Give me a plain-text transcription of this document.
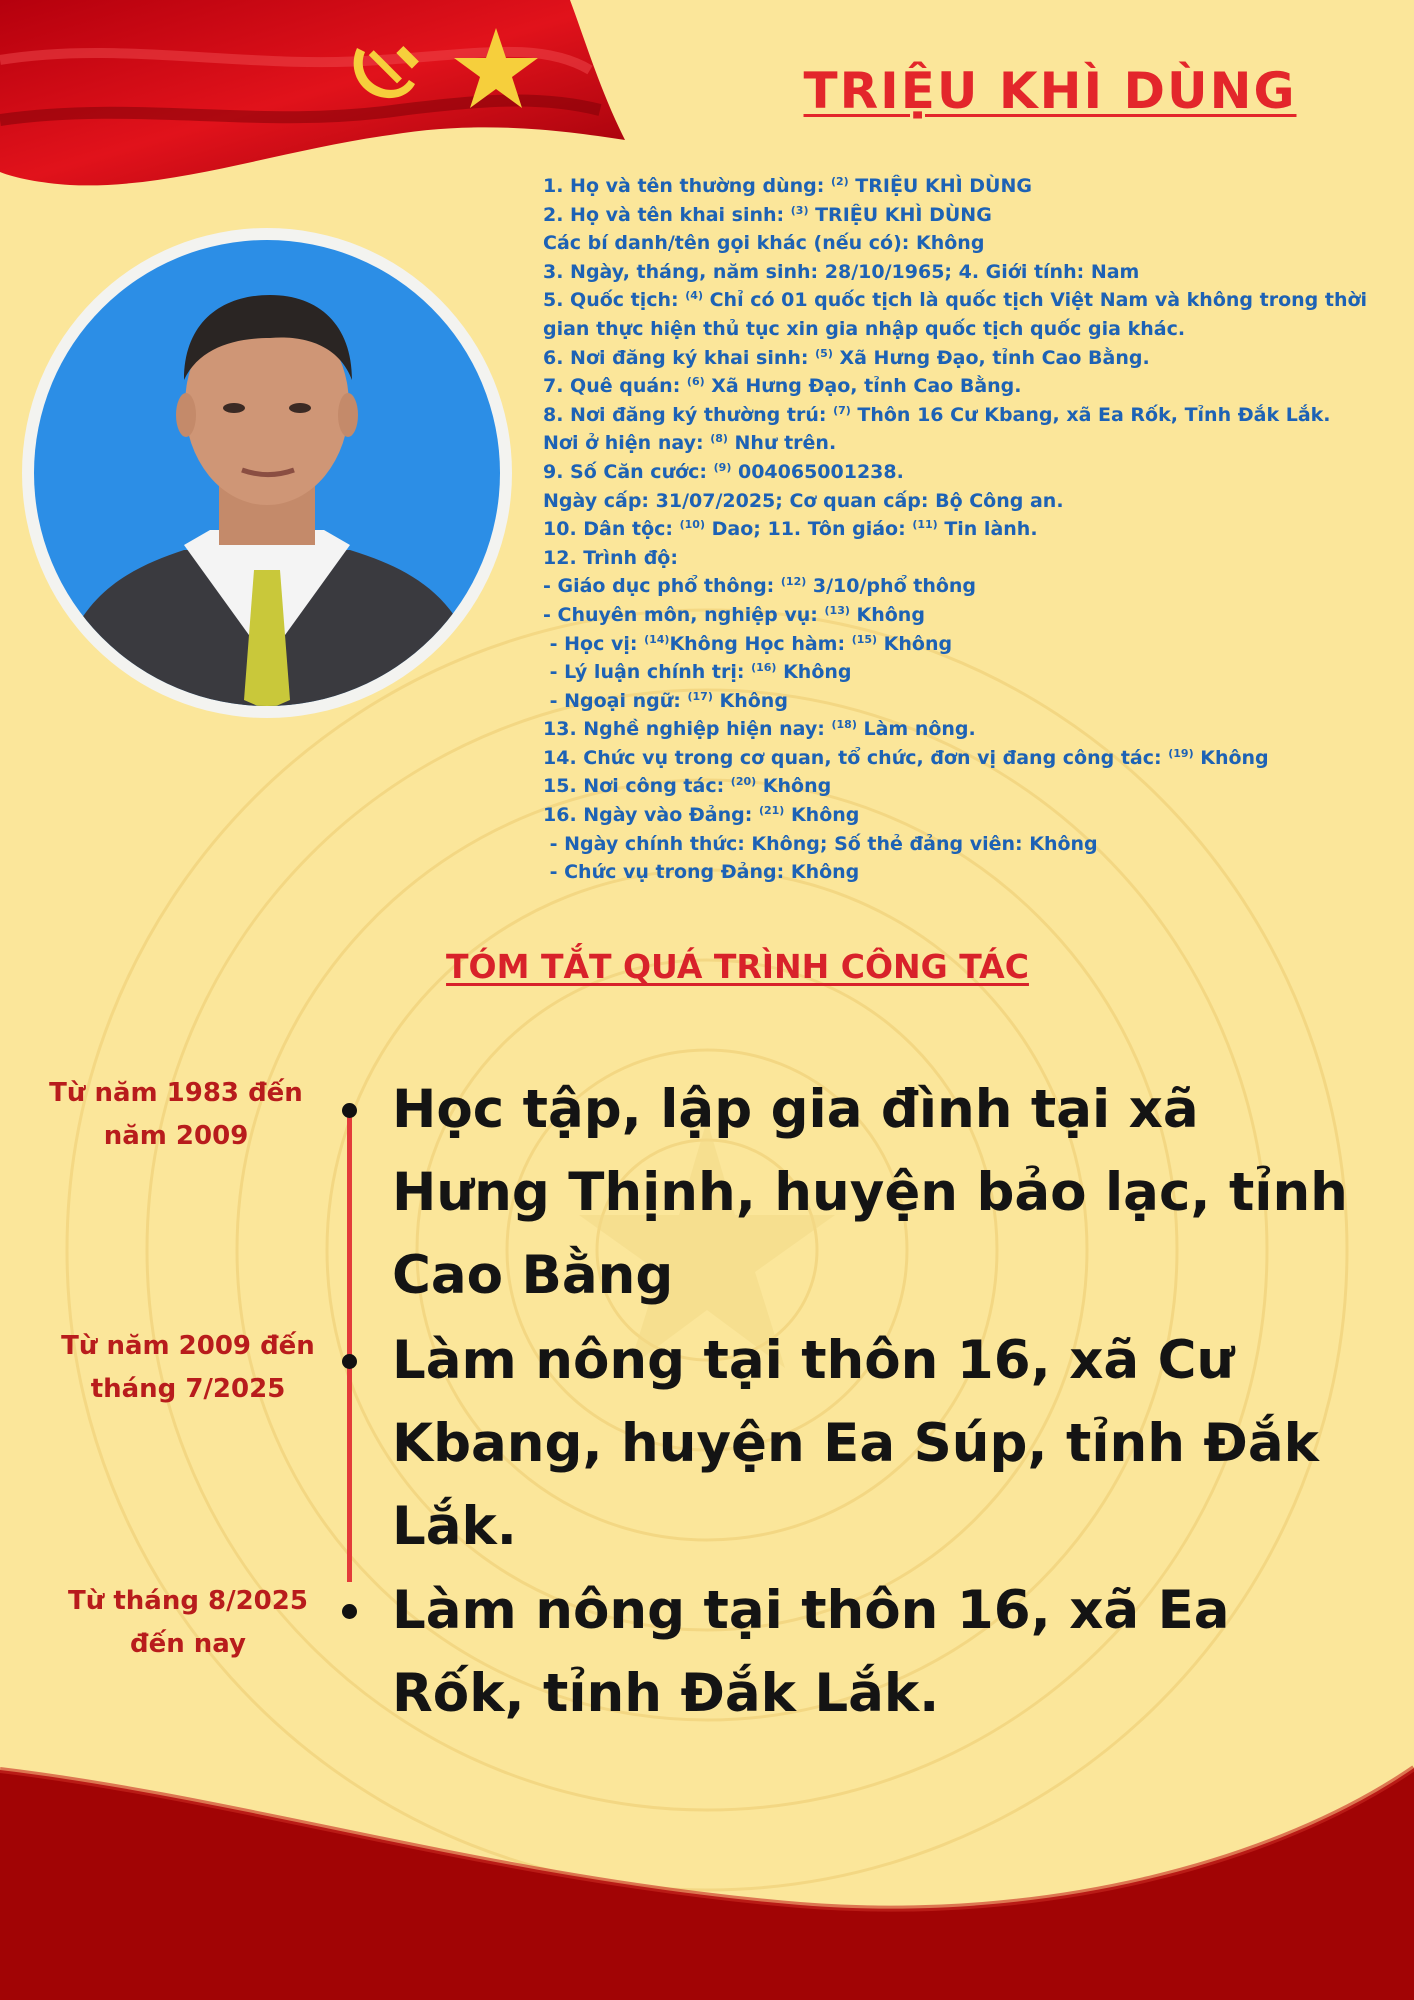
TRIỆU KHÌ DÙNG
1. Họ và tên thường dùng: $^{(2)}$ TRIỆU KHÌ DÙNG
2. Họ và tên khai sinh: $^{(3)}$ TRIỆU KHÌ DÙNG
Các bí danh/tên gọi khác (nếu có): Không
3. Ngày, tháng, năm sinh: 28/10/1965; 4. Giới tính: Nam
5. Quốc tịch: $^{(4)}$ Chỉ có 01 quốc tịch là quốc tịch Việt Nam và không trong thời gian thực hiện thủ tục xin gia nhập quốc tịch quốc gia khác.
6. Nơi đăng ký khai sinh: $^{(5)}$ Xã Hưng Đạo, tỉnh Cao Bằng.
7. Quê quán: $^{(6)}$ Xã Hưng Đạo, tỉnh Cao Bằng.
8. Nơi đăng ký thường trú: $^{(7)}$ Thôn 16 Cư Kbang, xã Ea Rốk, Tỉnh Đắk Lắk.
Nơi ở hiện nay: $^{(8)}$ Như trên.
9. Số Căn cước: $^{(9)}$ 004065001238.
Ngày cấp: 31/07/2025; Cơ quan cấp: Bộ Công an.
10. Dân tộc: $^{(10)}$ Dao; 11. Tôn giáo: $^{(11)}$ Tin lành.
12. Trình độ:
- Giáo dục phổ thông: $^{(12)}$ 3/10/phổ thông
- Chuyên môn, nghiệp vụ: $^{(13)}$ Không
- Học vị: $^{(14)}$Không Học hàm: $^{(15)}$ Không
- Lý luận chính trị: $^{(16)}$ Không
- Ngoại ngữ: $^{(17)}$ Không
13. Nghề nghiệp hiện nay: $^{(18)}$ Làm nông.
14. Chức vụ trong cơ quan, tổ chức, đơn vị đang công tác: $^{(19)}$ Không
15. Nơi công tác: $^{(20)}$ Không
16. Ngày vào Đảng: $^{(21)}$ Không
- Ngày chính thức: Không; Số thẻ đảng viên: Không
- Chức vụ trong Đảng: Không
TÓM TẮT QUÁ TRÌNH CÔNG TÁC
Từ năm 1983 đến năm 2009
Từ năm 2009 đến tháng 7/2025
Từ tháng 8/2025 đến nay
Học tập, lập gia đình tại xã Hưng Thịnh, huyện bảo lạc, tỉnh Cao Bằng
Làm nông tại thôn 16, xã Cư Kbang, huyện Ea Súp, tỉnh Đắk Lắk.
Làm nông tại thôn 16, xã Ea Rốk, tỉnh Đắk Lắk.
